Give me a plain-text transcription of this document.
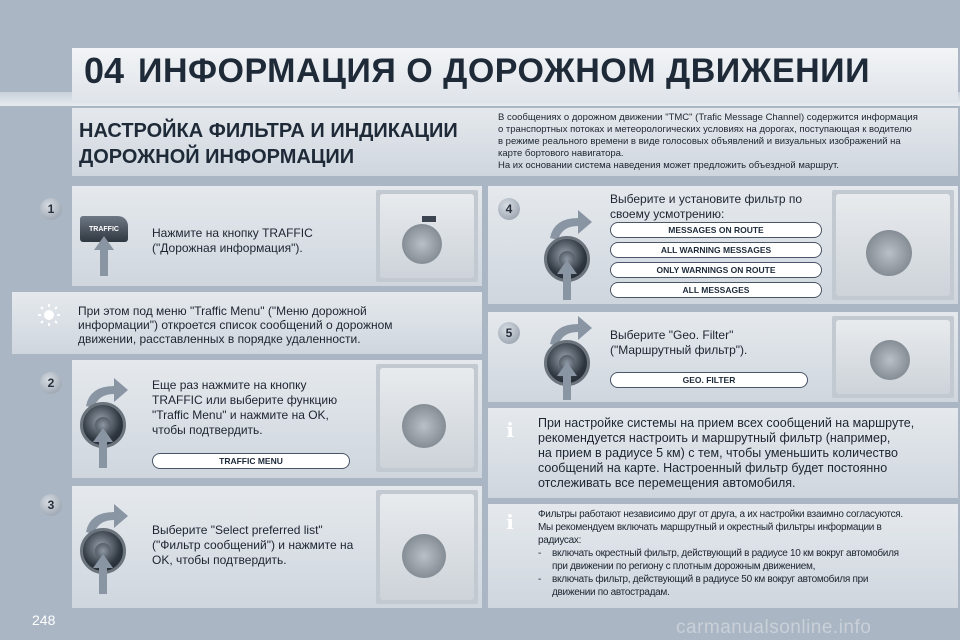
04 ИНФОРМАЦИЯ О ДОРОЖНОМ ДВИЖЕНИИ
НАСТРОЙКА ФИЛЬТРА И ИНДИКАЦИИ
ДОРОЖНОЙ ИНФОРМАЦИИ
В сообщениях о дорожном движении "TMC" (Trafic Message Channel) содержится информация
о транспортных потоках и метеорологических условиях на дорогах, поступающая к водителю
в режиме реального времени в виде голосовых объявлений и визуальных изображений на
карте бортового навигатора.
На их основании система наведения может предложить объездной маршрут.
1
TRAFFIC	Нажмите на кнопку TRAFFIC
("Дорожная информация").
При этом под меню "Traffic Menu" ("Меню дорожной
информации") откроется список сообщений о дорожном
движении, расставленных в порядке удаленности.
2	Еще раз нажмите на кнопку
TRAFFIC или выберите функцию
"Traffic Menu" и нажмите на OK,
чтобы подтвердить.
TRAFFIC MENU
3
Выберите "Select preferred list"
("Фильтр сообщений") и нажмите на
OK, чтобы подтвердить.
4
Выберите и установите фильтр по
своему усмотрению:
MESSAGES ON ROUTE
ALL WARNING MESSAGES
ONLY WARNINGS ON ROUTE
ALL MESSAGES
5	Выберите "Geo. Filter"
("Маршрутный фильтр").
GEO. FILTER
i	При настройке системы на прием всех сообщений на маршруте,
рекомендуется настроить и маршрутный фильтр (например,
на прием в радиусе 5 км) с тем, чтобы уменьшить количество
сообщений на карте. Настроенный фильтр будет постоянно
отслеживать все перемещения автомобиля.
i	Фильтры работают независимо друг от друга, а их настройки взаимно согласуются.
Мы рекомендуем включать маршрутный и окрестный фильтры информации в
радиусах:
-	включать окрестный фильтр, действующий в радиусе 10 км вокруг автомобиля
при движении по региону с плотным дорожным движением,
-	включать фильтр, действующий в радиусе 50 км вокруг автомобиля при
движении по автострадам.
248	carmanualsonline.info
